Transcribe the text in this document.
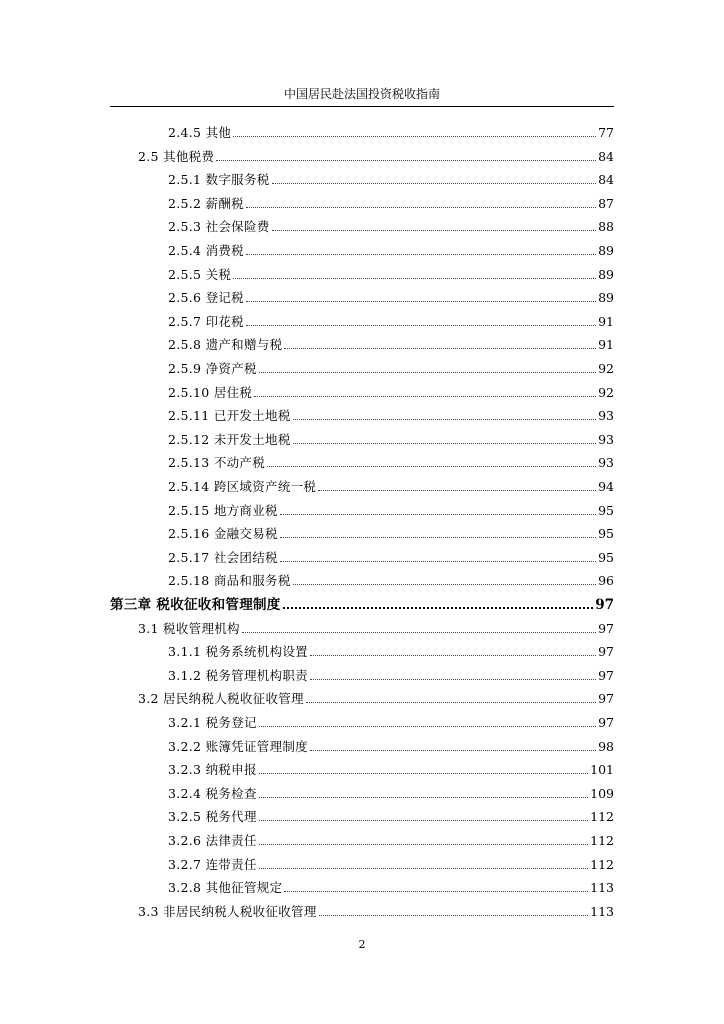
中国居民赴法国投资税收指南
2.4.5 其他	77
2.5 其他税费	84
2.5.1 数字服务税	84
2.5.2 薪酬税	87
2.5.3 社会保险费	88
2.5.4 消费税	89
2.5.5 关税	89
2.5.6 登记税	89
2.5.7 印花税	91
2.5.8 遗产和赠与税	91
2.5.9 净资产税	92
2.5.10 居住税	92
2.5.11 已开发土地税	93
2.5.12 未开发土地税	93
2.5.13 不动产税	93
2.5.14 跨区域资产统一税	94
2.5.15 地方商业税	95
2.5.16 金融交易税	95
2.5.17 社会团结税	95
2.5.18 商品和服务税	96
第三章 税收征收和管理制度	97
3.1 税收管理机构	97
3.1.1 税务系统机构设置	97
3.1.2 税务管理机构职责	97
3.2 居民纳税人税收征收管理	97
3.2.1 税务登记	97
3.2.2 账簿凭证管理制度	98
3.2.3 纳税申报	101
3.2.4 税务检查	109
3.2.5 税务代理	112
3.2.6 法律责任	112
3.2.7 连带责任	112
3.2.8 其他征管规定	113
3.3 非居民纳税人税收征收管理	113
2
